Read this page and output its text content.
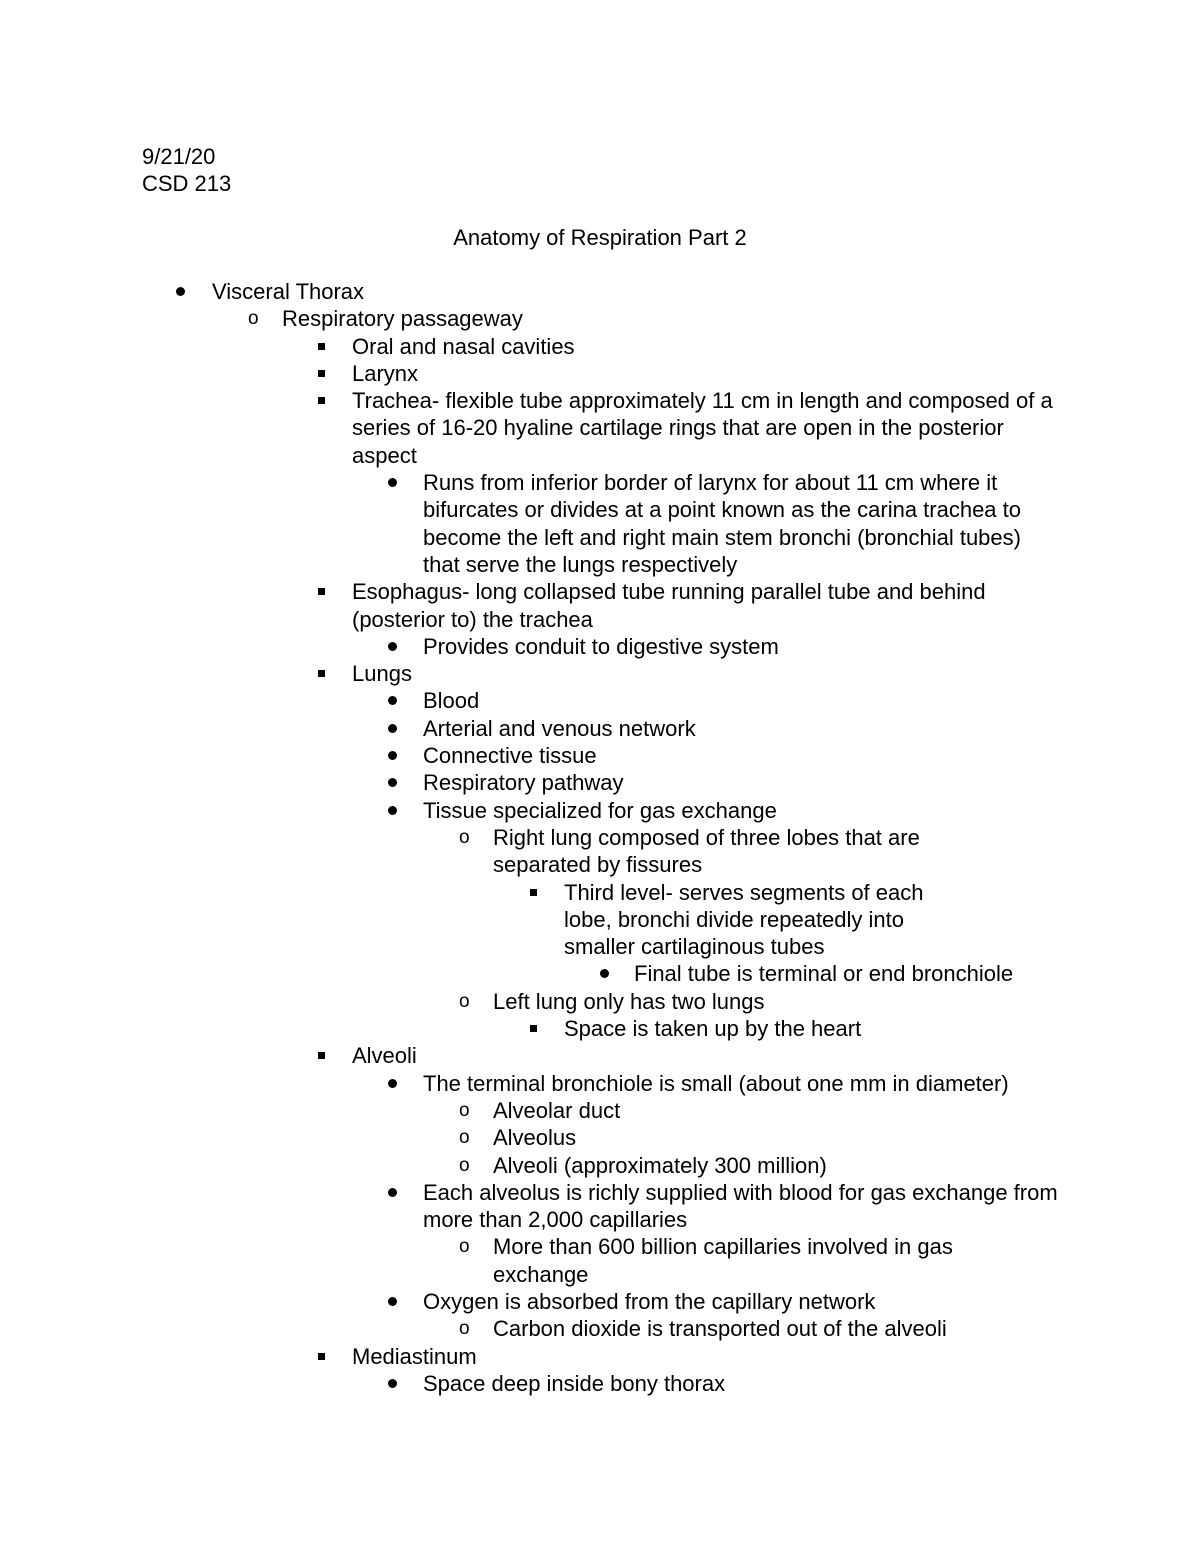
9/21/20
CSD 213
Anatomy of Respiration Part 2
Visceral Thorax
o
Respiratory passageway
Oral and nasal cavities
Larynx
Trachea- flexible tube approximately 11 cm in length and composed of a series of 16-20 hyaline cartilage rings that are open in the posterior aspect
Runs from inferior border of larynx for about 11 cm where it bifurcates or divides at a point known as the carina trachea to become the left and right main stem bronchi (bronchial tubes) that serve the lungs respectively
Esophagus- long collapsed tube running parallel tube and behind (posterior to) the trachea
Provides conduit to digestive system
Lungs
Blood
Arterial and venous network
Connective tissue
Respiratory pathway
Tissue specialized for gas exchange
o
Right lung composed of three lobes that are separated by fissures
Third level- serves segments of each lobe, bronchi divide repeatedly into smaller cartilaginous tubes
Final tube is terminal or end bronchiole
o
Left lung only has two lungs
Space is taken up by the heart
Alveoli
The terminal bronchiole is small (about one mm in diameter)
o
Alveolar duct
o
Alveolus
o
Alveoli (approximately 300 million)
Each alveolus is richly supplied with blood for gas exchange from more than 2,000 capillaries
o
More than 600 billion capillaries involved in gas exchange
Oxygen is absorbed from the capillary network
o
Carbon dioxide is transported out of the alveoli
Mediastinum
Space deep inside bony thorax
